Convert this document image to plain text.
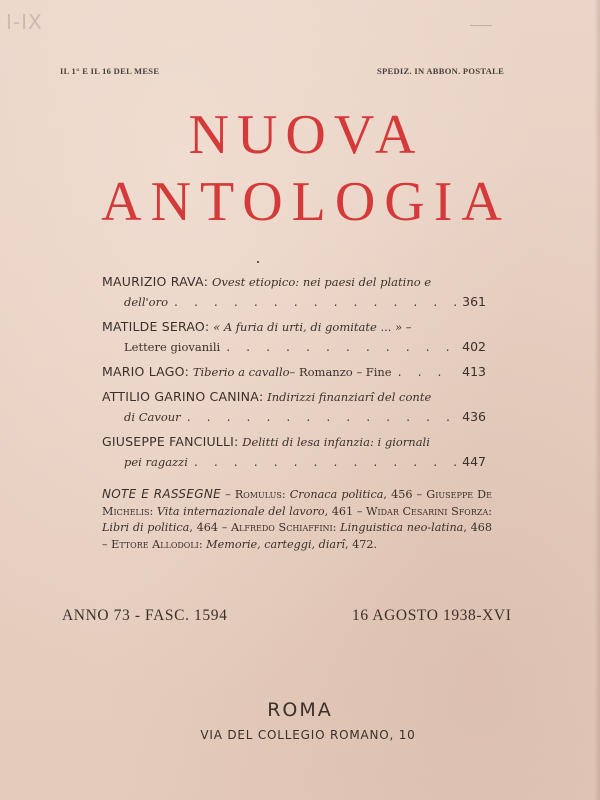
I-IX
IL 1° E IL 16 DEL MESE	SPEDIZ. IN ABBON. POSTALE
NUOVA
ANTOLOGIA
MAURIZIO RAVA: Ovest etiopico: nei paesi del platino e
dell'oro . . .	361
MATILDE SERAO: « A furia di urti, di gomitate ... » –
Lettere giovanili . . .	402
MARIO LAGO : Tiberio a cavallo – Romanzo – Fine . . .	413
ATTILIO GARINO CANINA: Indirizzi finanziarî del conte
di Cavour . . .	436
GIUSEPPE FANCIULLI: Delitti di lesa infanzia: i giornali
pei ragazzi . . .	447
NOTE E RASSEGNE – Romulus: Cronaca politica, 456 – Giuseppe De Michelis: Vita internazionale del lavoro, 461 – Widar Cesarini Sforza: Libri di politica, 464 – Alfredo Schiaffini: Linguistica neo-latina, 468 – Ettore Allodoli: Memorie, carteggi, diarî, 472.
ANNO 73 - FASC. 1594	16 AGOSTO 1938-XVI
ROMA
VIA DEL COLLEGIO ROMANO, 10
